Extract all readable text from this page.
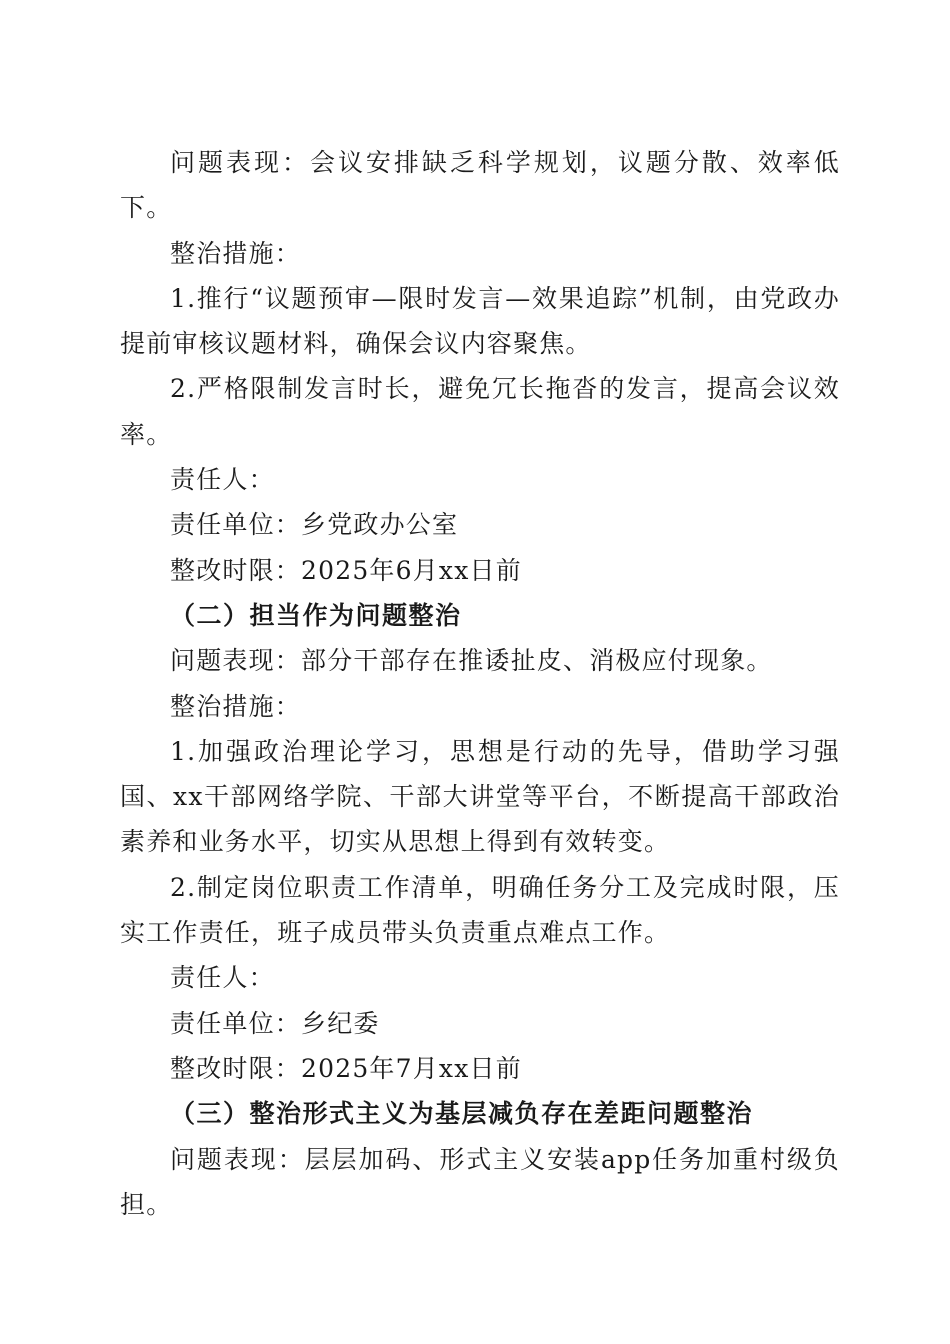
问题表现：会议安排缺乏科学规划，议题分散、效率低下。

整治措施：

1.推行“议题预审—限时发言—效果追踪”机制，由党政办提前审核议题材料，确保会议内容聚焦。

2.严格限制发言时长，避免冗长拖沓的发言，提高会议效率。

责任人：

责任单位：乡党政办公室

整改时限：2025年6月xx日前

（二）担当作为问题整治

问题表现：部分干部存在推诿扯皮、消极应付现象。

整治措施：

1.加强政治理论学习，思想是行动的先导，借助学习强国、xx干部网络学院、干部大讲堂等平台，不断提高干部政治素养和业务水平，切实从思想上得到有效转变。

2.制定岗位职责工作清单，明确任务分工及完成时限，压实工作责任，班子成员带头负责重点难点工作。

责任人：

责任单位：乡纪委

整改时限：2025年7月xx日前

（三）整治形式主义为基层减负存在差距问题整治

问题表现：层层加码、形式主义安装app任务加重村级负担。
